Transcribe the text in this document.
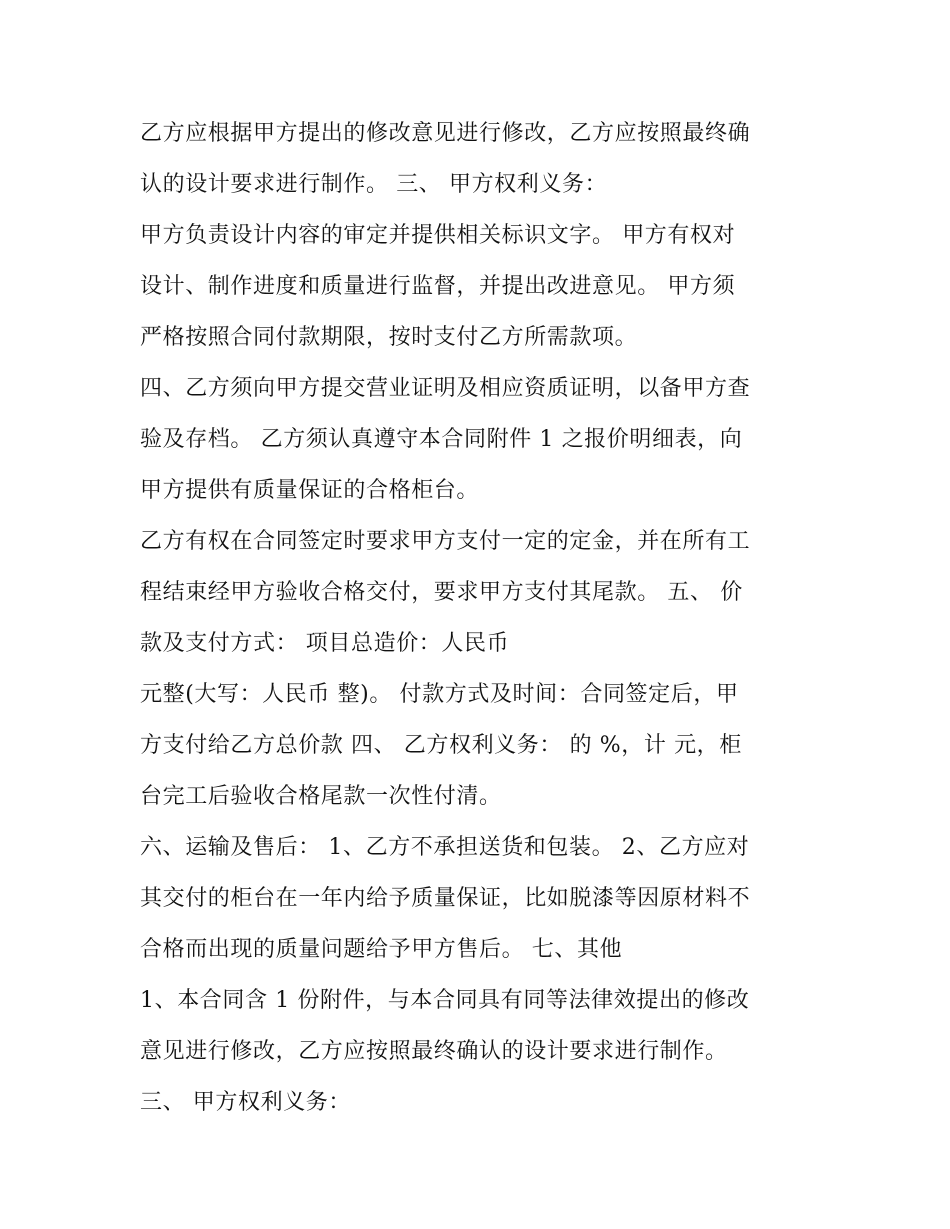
乙方应根据甲方提出的修改意见进行修改，乙方应按照最终确
认的设计要求进行制作。 三、 甲方权利义务：
甲方负责设计内容的审定并提供相关标识文字。 甲方有权对
设计、制作进度和质量进行监督，并提出改进意见。 甲方须
严格按照合同付款期限，按时支付乙方所需款项。
四、乙方须向甲方提交营业证明及相应资质证明，以备甲方查
验及存档。 乙方须认真遵守本合同附件 1 之报价明细表，向
甲方提供有质量保证的合格柜台。
乙方有权在合同签定时要求甲方支付一定的定金，并在所有工
程结束经甲方验收合格交付，要求甲方支付其尾款。 五、 价
款及支付方式： 项目总造价：人民币
元整(大写：人民币 整)。 付款方式及时间：合同签定后，甲
方支付给乙方总价款 四、 乙方权利义务： 的 %，计 元，柜
台完工后验收合格尾款一次性付清。
六、运输及售后： 1、乙方不承担送货和包装。 2、乙方应对
其交付的柜台在一年内给予质量保证，比如脱漆等因原材料不
合格而出现的质量问题给予甲方售后。 七、其他
1、本合同含 1 份附件，与本合同具有同等法律效提出的修改
意见进行修改，乙方应按照最终确认的设计要求进行制作。
三、 甲方权利义务：
